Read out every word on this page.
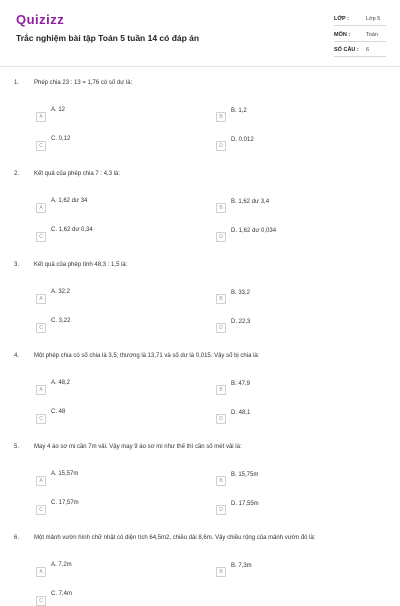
Quizizz
Trắc nghiệm bài tập Toán 5 tuần 14 có đáp án
LỚP :	Lớp 5
MÔN :	Toán
SỐ CÂU : 6
1. Phép chia 23 : 13 = 1,76 có số dư là:
A
A. 12
B
B. 1,2
C
C. 0,12
D
D. 0,012
2. Kết quả của phép chia 7 : 4,3 là:
A
A. 1,62 dư 34
B
B. 1,62 dư 3,4
C
C. 1,62 dư 0,34
D
D. 1,62 dư 0,034
3. Kết quả của phép tính 48,3 : 1,5 là:
A
A. 32,2
B
B. 33,2
C
C. 3,22
D
D. 22,3
4. Một phép chia có số chia là 3,5; thương là 13,71 và số dư là 0,015. Vậy số bị chia là:
A
A. 48,2
B
B. 47,9
C
C. 48
D
D. 48,1
5. May 4 áo sơ mi cần 7m vải. Vậy may 9 áo sơ mi như thế thì cần số mét vải là:
A
A. 15,57m
B
B. 15,75m
C
C. 17,57m
D
D. 17,55m
6. Một mảnh vườn hình chữ nhật có diện tích 64,5m2, chiều dài 8,6m. Vậy chiều rộng của mảnh vườn đó là:
A
A. 7,2m
B
B. 7,3m
C
C. 7,4m
